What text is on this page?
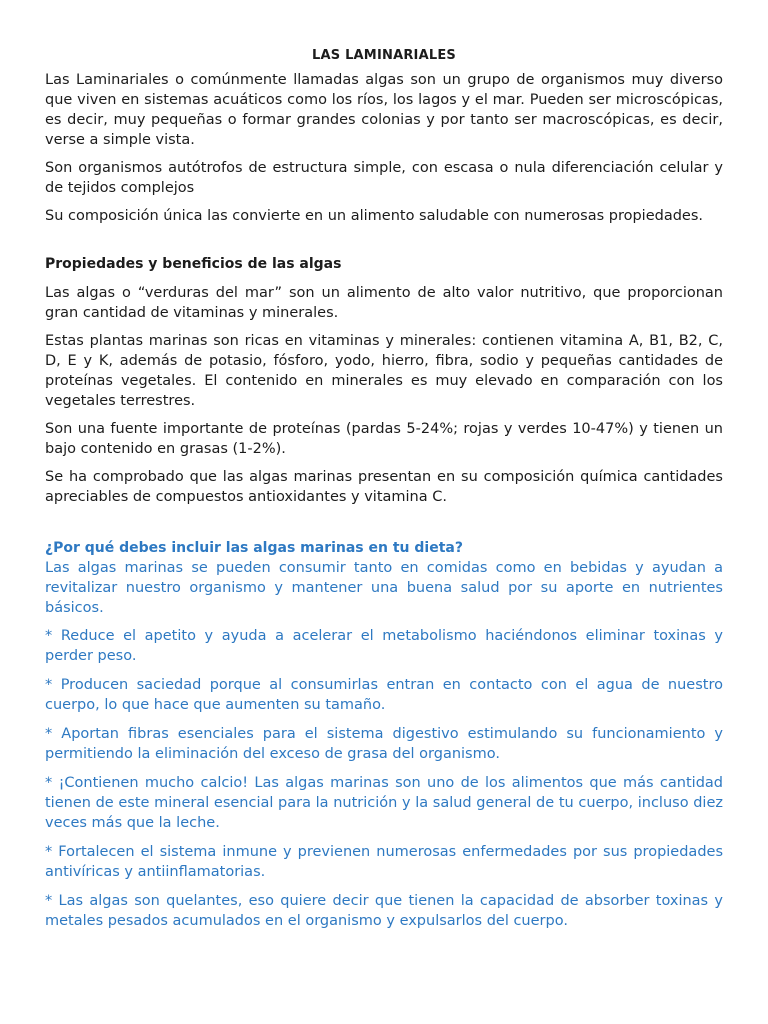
LAS LAMINARIALES

Las Laminariales o comúnmente llamadas algas son un grupo de organismos muy diverso que viven en sistemas acuáticos como los ríos, los lagos y el mar. Pueden ser microscópicas, es decir, muy pequeñas o formar grandes colonias y por tanto ser macroscópicas, es decir, verse a simple vista.

Son organismos autótrofos de estructura simple, con escasa o nula diferenciación celular y de tejidos complejos

Su composición única las convierte en un alimento saludable con numerosas propiedades.

Propiedades y beneficios de las algas

Las algas o “verduras del mar” son un alimento de alto valor nutritivo, que proporcionan gran cantidad de vitaminas y minerales.

Estas plantas marinas son ricas en vitaminas y minerales: contienen vitamina A, B1, B2, C, D, E y K, además de potasio, fósforo, yodo, hierro, fibra, sodio y pequeñas cantidades de proteínas vegetales. El contenido en minerales es muy elevado en comparación con los vegetales terrestres.

Son una fuente importante de proteínas (pardas 5-24%; rojas y verdes 10-47%) y tienen un bajo contenido en grasas (1-2%).

Se ha comprobado que las algas marinas presentan en su composición química cantidades apreciables de compuestos antioxidantes y vitamina C.

¿Por qué debes incluir las algas marinas en tu dieta?

Las algas marinas se pueden consumir tanto en comidas como en bebidas y ayudan a revitalizar nuestro organismo y mantener una buena salud por su aporte en nutrientes básicos.

* Reduce el apetito y ayuda a acelerar el metabolismo haciéndonos eliminar toxinas y perder peso.

* Producen saciedad porque al consumirlas entran en contacto con el agua de nuestro cuerpo, lo que hace que aumenten su tamaño.

* Aportan fibras esenciales para el sistema digestivo estimulando su funcionamiento y permitiendo la eliminación del exceso de grasa del organismo.

* ¡Contienen mucho calcio! Las algas marinas son uno de los alimentos que más cantidad tienen de este mineral esencial para la nutrición y la salud general de tu cuerpo, incluso diez veces más que la leche.

* Fortalecen el sistema inmune y previenen numerosas enfermedades por sus propiedades antivíricas y antiinflamatorias.

* Las algas son quelantes, eso quiere decir que tienen la capacidad de absorber toxinas y metales pesados acumulados en el organismo y expulsarlos del cuerpo.
